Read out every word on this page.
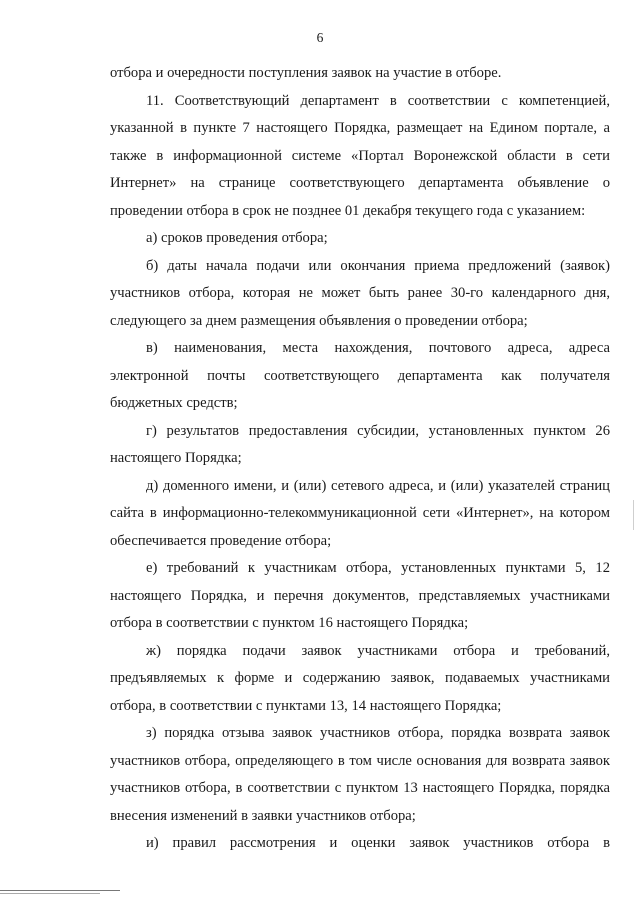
6

отбора и очередности поступления заявок на участие в отборе.

11. Соответствующий департамент в соответствии с компетенцией, указанной в пункте 7 настоящего Порядка, размещает на Едином портале, а также в информационной системе «Портал Воронежской области в сети Интернет» на странице соответствующего департамента объявление о проведении отбора в срок не позднее 01 декабря текущего года с указанием:

а) сроков проведения отбора;

б) даты начала подачи или окончания приема предложений (заявок) участников отбора, которая не может быть ранее 30-го календарного дня, следующего за днем размещения объявления о проведении отбора;

в) наименования, места нахождения, почтового адреса, адреса электронной почты соответствующего департамента как получателя бюджетных средств;

г) результатов предоставления субсидии, установленных пунктом 26 настоящего Порядка;

д) доменного имени, и (или) сетевого адреса, и (или) указателей страниц сайта в информационно-телекоммуникационной сети «Интернет», на котором обеспечивается проведение отбора;

е) требований к участникам отбора, установленных пунктами 5, 12 настоящего Порядка, и перечня документов, представляемых участниками отбора в соответствии с пунктом 16 настоящего Порядка;

ж) порядка подачи заявок участниками отбора и требований, предъявляемых к форме и содержанию заявок, подаваемых участниками отбора, в соответствии с пунктами 13, 14 настоящего Порядка;

з) порядка отзыва заявок участников отбора, порядка возврата заявок участников отбора, определяющего в том числе основания для возврата заявок участников отбора, в соответствии с пунктом 13 настоящего Порядка, порядка внесения изменений в заявки участников отбора;

и) правил рассмотрения и оценки заявок участников отбора в
